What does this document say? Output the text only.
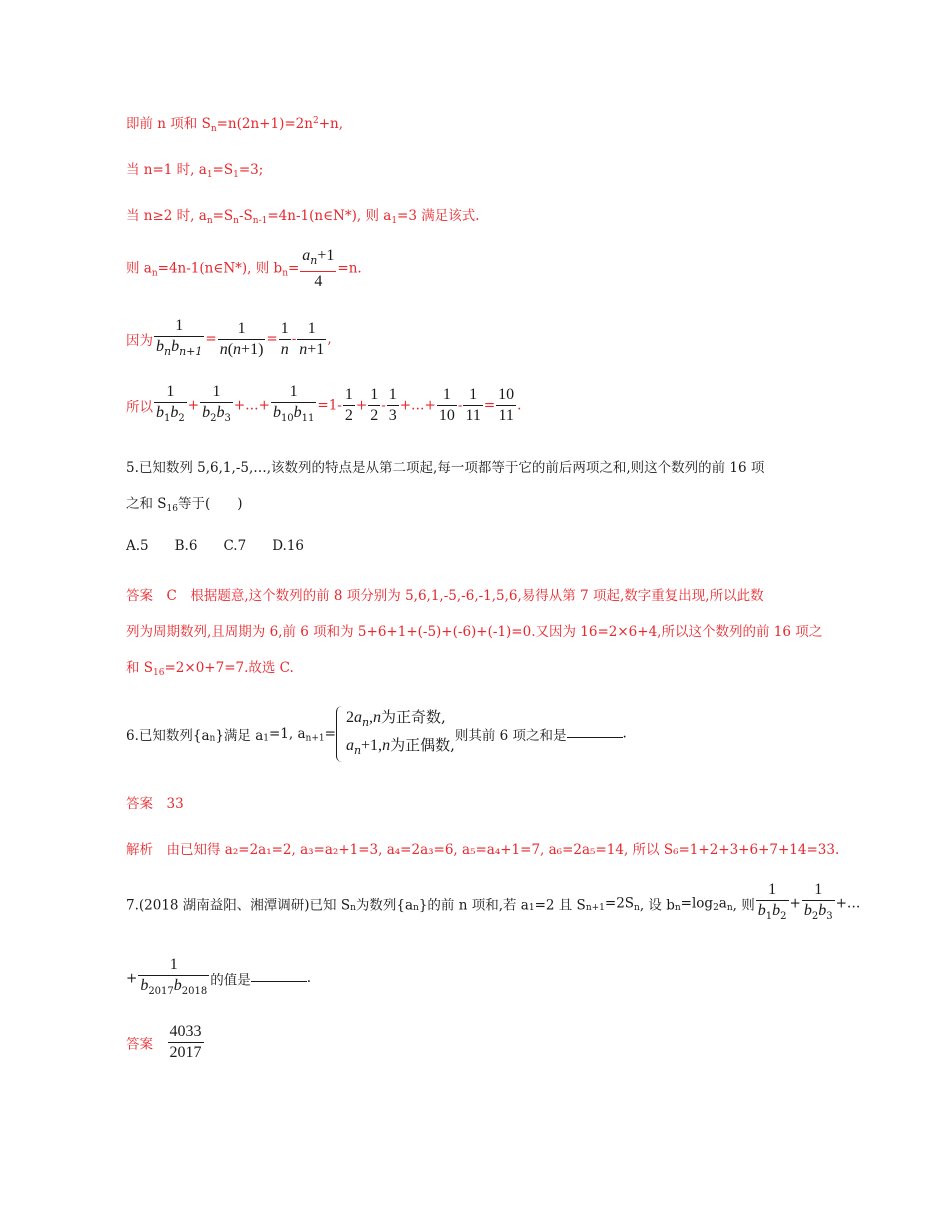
即前 n 项和 $S_n=n(2n+1)=2n^2+n$,
当 n=1 时, $a_1=S_1=3$;
当 n≥2 时, $a_n=S_n-S_{n-1}=4n-1(n\in N*)$, 则 $a_1=3$ 满足该式.
则 $a_n=4n-1(n\in N*)$, 则 $b_n= \frac{a_n+1}{4} =n$.
因为 $\frac{1}{b_nb_{n+1}} = \frac{1}{n(n+1)} = \frac{1}{n} - \frac{1}{n+1}$ ,
所以 $\frac{1}{b_1b_2} + \frac{1}{b_2b_3}$ +…+ $\frac{1}{b_{10}b_{11}} =1- \frac{1}{2} + \frac{1}{2} - \frac{1}{3}$ +…+ $\frac{1}{10} - \frac{1}{11} = \frac{10}{11}$ .
5.已知数列 5,6,1,-5,…,该数列的特点是从第二项起,每一项都等于它的前后两项之和,则这个数列的前 16 项
之和 $S_{16}$等于(　　)
A.5 B.6 C.7 D.16
答案　C　根据题意,这个数列的前 8 项分别为 5,6,1,-5,-6,-1,5,6,易得从第 7 项起,数字重复出现,所以此数
列为周期数列,且周期为 6,前 6 项和为 5+6+1+(-5)+(-6)+(-1)=0.又因为 16=2×6+4,所以这个数列的前 16 项之
和 $S_{16}=2\times 0+7=7$.故选 C.
6.已知数列$\{a_n\}$满足 $a_1=1$, $a_{n+1}=$
$2a_n,n$为正奇数,
$a_n+1,n$为正偶数, 则其前 6 项之和是	.
答案　 33
解析　 由已知得 a₂=2a₁=2, a₃=a₂+1=3, a₄=2a₃=6, a₅=a₄+1=7, a₆=2a₅=14, 所以 S₆=1+2+3+6+7+14=33.
7.(2018 湖南益阳、湘潭调研)已知 $S_n$为数列$\{a_n\}$的前 n 项和,若 $a_1=2$ 且 $S_{n+1}=2S_n$, 设 $b_n=\log_2a_n$, 则 $\frac{1}{b_1b_2} + \frac{1}{b_2b_3}$ +…
+ $\frac{1}{b_{2017}b_{2018}}$ 的值是	.
答案　 $\frac{4033}{2017}$
